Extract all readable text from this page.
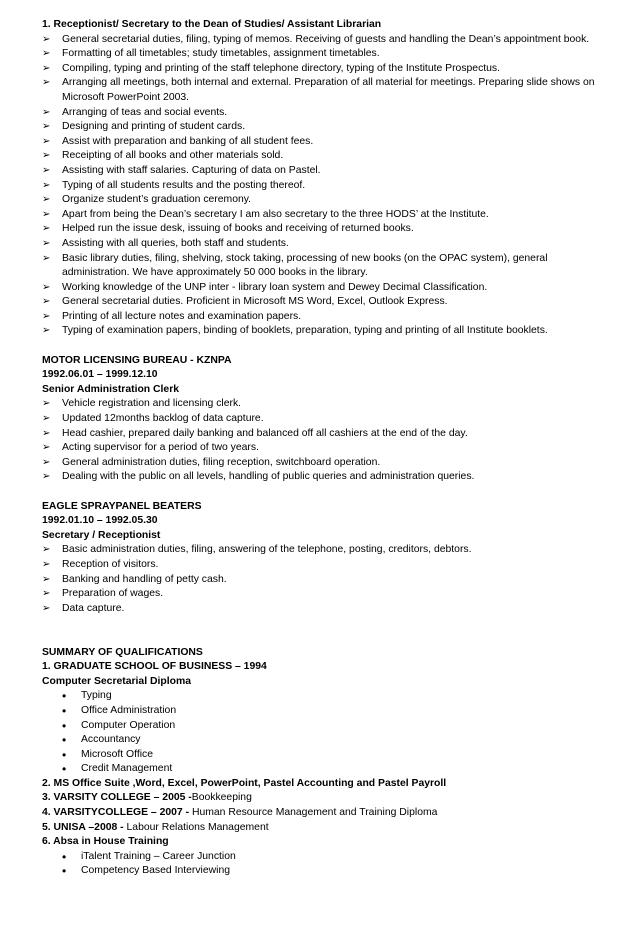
1. Receptionist/ Secretary to the Dean of Studies/ Assistant Librarian
➢ General secretarial duties, filing, typing of memos. Receiving of guests and handling the Dean’s appointment book.
➢ Formatting of all timetables; study timetables, assignment timetables.
➢ Compiling, typing and printing of the staff telephone directory, typing of the Institute Prospectus.
➢ Arranging all meetings, both internal and external. Preparation of all material for meetings. Preparing slide shows on Microsoft PowerPoint 2003.
➢ Arranging of teas and social events.
➢ Designing and printing of student cards.
➢ Assist with preparation and banking of all student fees.
➢ Receipting of all books and other materials sold.
➢ Assisting with staff salaries. Capturing of data on Pastel.
➢ Typing of all students results and the posting thereof.
➢ Organize student’s graduation ceremony.
➢ Apart from being the Dean’s secretary I am also secretary to the three HODS’ at the Institute.
➢ Helped run the issue desk, issuing of books and receiving of returned books.
➢ Assisting with all queries, both staff and students.
➢ Basic library duties, filing, shelving, stock taking, processing of new books (on the OPAC system), general administration. We have approximately 50 000 books in the library.
➢ Working knowledge of the UNP inter - library loan system and Dewey Decimal Classification.
➢ General secretarial duties. Proficient in Microsoft MS Word, Excel, Outlook Express.
➢ Printing of all lecture notes and examination papers.
➢ Typing of examination papers, binding of booklets, preparation, typing and printing of all Institute booklets.
MOTOR LICENSING BUREAU - KZNPA
1992.06.01 – 1999.12.10
Senior Administration Clerk
➢ Vehicle registration and licensing clerk.
➢ Updated 12months backlog of data capture.
➢ Head cashier, prepared daily banking and balanced off all cashiers at the end of the day.
➢ Acting supervisor for a period of two years.
➢ General administration duties, filing reception, switchboard operation.
➢ Dealing with the public on all levels, handling of public queries and administration queries.
EAGLE SPRAYPANEL BEATERS
1992.01.10 – 1992.05.30
Secretary / Receptionist
➢ Basic administration duties, filing, answering of the telephone, posting, creditors, debtors.
➢ Reception of visitors.
➢ Banking and handling of petty cash.
➢ Preparation of wages.
➢ Data capture.
SUMMARY OF QUALIFICATIONS
1. GRADUATE SCHOOL OF BUSINESS – 1994
Computer Secretarial Diploma
• Typing
• Office Administration
• Computer Operation
• Accountancy
• Microsoft Office
• Credit Management
2. MS Office Suite ,Word, Excel, PowerPoint, Pastel Accounting and Pastel Payroll
3. VARSITY COLLEGE – 2005 -Bookkeeping
4. VARSITYCOLLEGE – 2007 - Human Resource Management and Training Diploma
5. UNISA –2008 - Labour Relations Management
6. Absa in House Training
• iTalent Training – Career Junction
• Competency Based Interviewing
